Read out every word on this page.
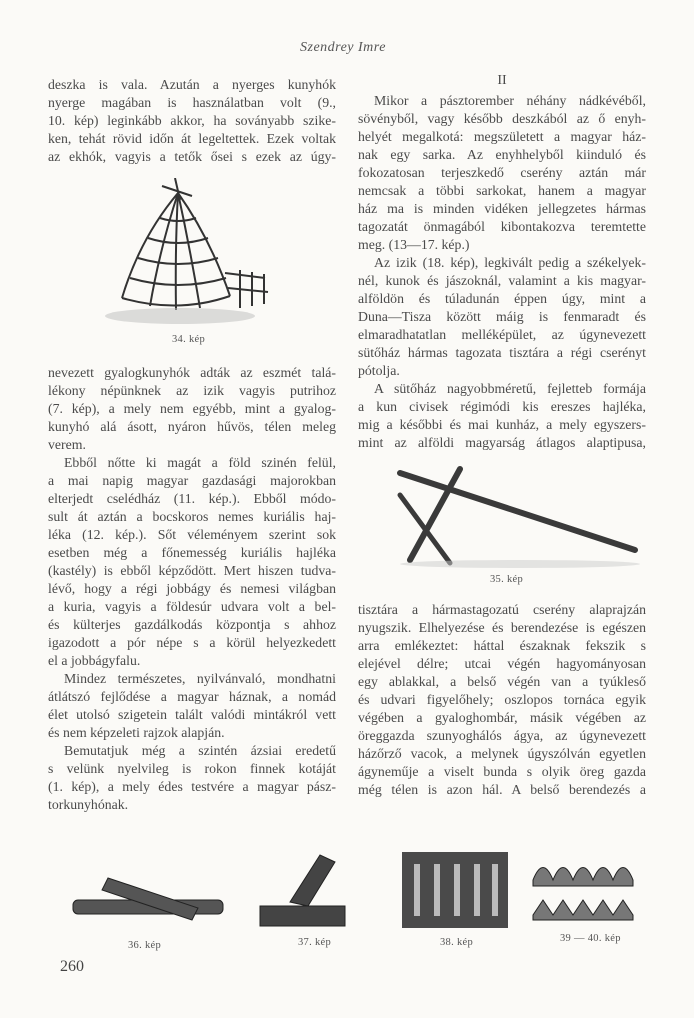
Szendrey Imre
deszka is vala. Azután a nyerges kunyhók
nyerge magában is használatban volt (9.,
10. kép) leginkább akkor, ha soványabb szike-
ken, tehát rövid időn át legeltettek. Ezek voltak
az ekhók, vagyis a tetők ősei s ezek az úgy-
34. kép
nevezett gyalogkunyhók adták az eszmét talá-
lékony népünknek az izik vagyis putrihoz
(7. kép), a mely nem egyébb, mint a gyalog-
kunyhó alá ásott, nyáron hűvös, télen meleg
verem.
Ebből nőtte ki magát a föld szinén felül,
a mai napig magyar gazdasági majorokban
elterjedt cselédház (11. kép.). Ebből módo-
sult át aztán a bocskoros nemes kuriális haj-
léka (12. kép.). Sőt véleményem szerint sok
esetben még a főnemesség kuriális hajléka
(kastély) is ebből képződött. Mert hiszen tudva-
lévő, hogy a régi jobbágy és nemesi világban
a kuria, vagyis a földesúr udvara volt a bel-
és külterjes gazdálkodás központja s ahhoz
igazodott a pór népe s a körül helyezkedett
el a jobbágyfalu.
Mindez természetes, nyilvánvaló, mondhatni
átlátszó fejlődése a magyar háznak, a nomád
élet utolsó szigetein talált valódi mintákról vett
és nem képzeleti rajzok alapján.
Bemutatjuk még a szintén ázsiai eredetű
s velünk nyelvileg is rokon finnek kotáját
(1. kép), a mely édes testvére a magyar pász-
torkunyhónak.
II
Mikor a pásztorember néhány nádkévéből,
sövényből, vagy később deszkából az ő enyh-
helyét megalkotá: megszületett a magyar ház-
nak egy sarka. Az enyhhelyből kiinduló és
fokozatosan terjeszkedő cserény aztán már
nemcsak a többi sarkokat, hanem a magyar
ház ma is minden vidéken jellegzetes hármas
tagozatát önmagából kibontakozva teremtette
meg. (13—17. kép.)
Az izik (18. kép), legkivált pedig a székelyek-
nél, kunok és jászoknál, valamint a kis magyar-
alföldön és túladunán éppen úgy, mint a
Duna—Tisza között máig is fenmaradt és
elmaradhatatlan melléképület, az úgynevezett
sütőház hármas tagozata tisztára a régi cserényt
pótolja.
A sütőház nagyobbméretű, fejletteb formája
a kun civisek régimódi kis ereszes hajléka,
mig a későbbi és mai kunház, a mely egyszers-
mint az alföldi magyarság átlagos alaptipusa,
35. kép
tisztára a hármastagozatú cserény alaprajzán
nyugszik. Elhelyezése és berendezése is egészen
arra emlékeztet: háttal északnak fekszik s
elejével délre; utcai végén hagyományosan
egy ablakkal, a belső végén van a tyúkleső
és udvari figyelőhely; oszlopos tornáca egyik
végében a gyaloghombár, másik végében az
öreggazda szunyoghálós ágya, az úgynevezett
házőrző vacok, a melynek úgyszólván egyetlen
ágyneműje a viselt bunda s olyik öreg gazda
még télen is azon hál. A belső berendezés a
36. kép	37. kép	38. kép	39 — 40. kép
260
